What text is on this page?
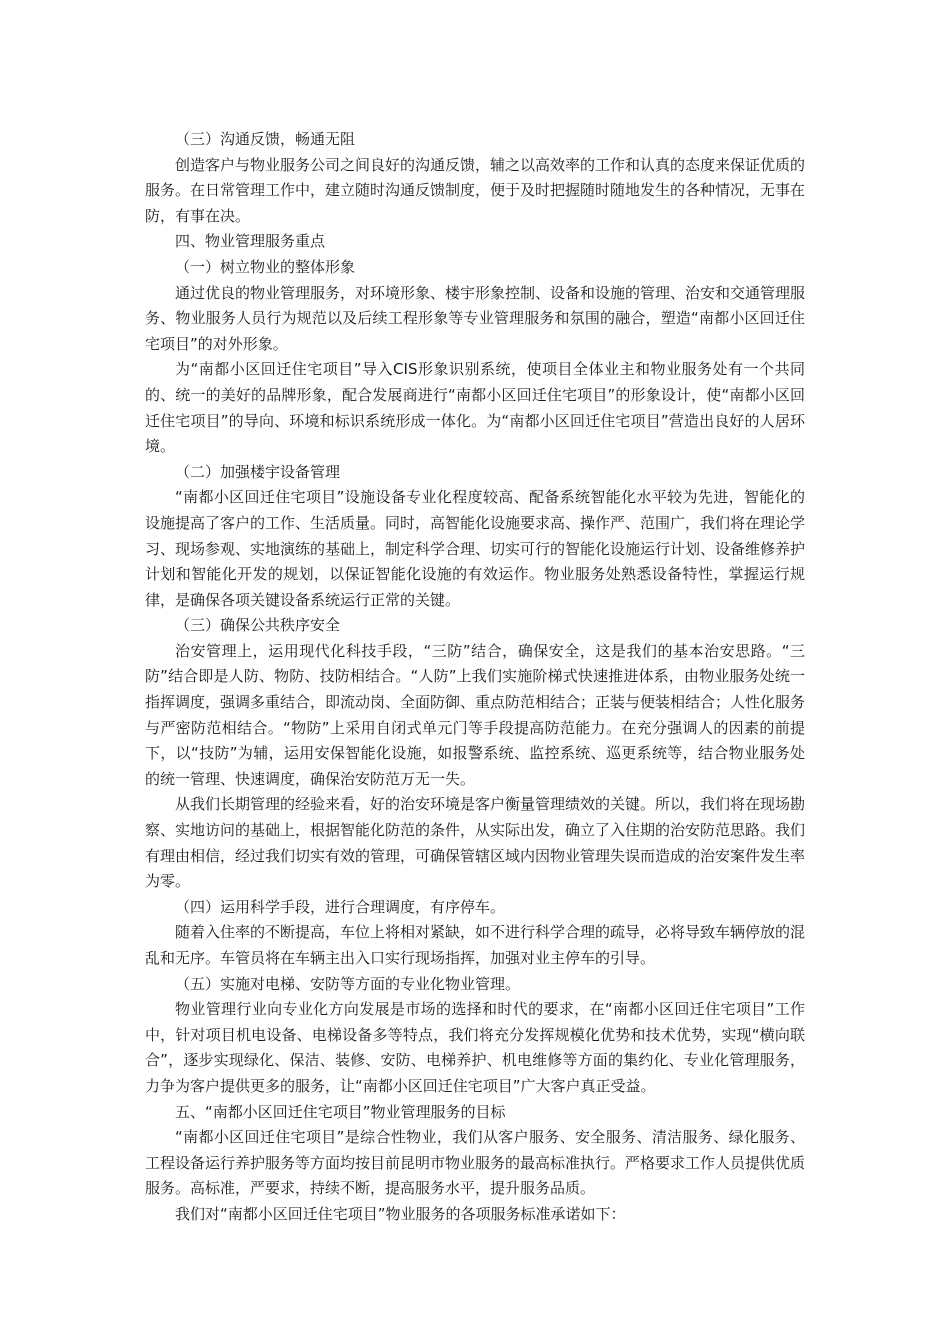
（三）沟通反馈，畅通无阻

创造客户与物业服务公司之间良好的沟通反馈，辅之以高效率的工作和认真的态度来保证优质的服务。在日常管理工作中，建立随时沟通反馈制度，便于及时把握随时随地发生的各种情况，无事在防，有事在决。

四、物业管理服务重点

（一）树立物业的整体形象

通过优良的物业管理服务，对环境形象、楼宇形象控制、设备和设施的管理、治安和交通管理服务、物业服务人员行为规范以及后续工程形象等专业管理服务和氛围的融合，塑造“南都小区回迁住宅项目”的对外形象。

为“南都小区回迁住宅项目”导入CIS形象识别系统，使项目全体业主和物业服务处有一个共同的、统一的美好的品牌形象，配合发展商进行“南都小区回迁住宅项目”的形象设计，使“南都小区回迁住宅项目”的导向、环境和标识系统形成一体化。为“南都小区回迁住宅项目”营造出良好的人居环境。

（二）加强楼宇设备管理

“南都小区回迁住宅项目”设施设备专业化程度较高、配备系统智能化水平较为先进，智能化的设施提高了客户的工作、生活质量。同时，高智能化设施要求高、操作严、范围广，我们将在理论学习、现场参观、实地演练的基础上，制定科学合理、切实可行的智能化设施运行计划、设备维修养护计划和智能化开发的规划，以保证智能化设施的有效运作。物业服务处熟悉设备特性，掌握运行规律，是确保各项关键设备系统运行正常的关键。

（三）确保公共秩序安全

治安管理上，运用现代化科技手段，“三防”结合，确保安全，这是我们的基本治安思路。“三防”结合即是人防、物防、技防相结合。“人防”上我们实施阶梯式快速推进体系，由物业服务处统一指挥调度，强调多重结合，即流动岗、全面防御、重点防范相结合；正装与便装相结合；人性化服务与严密防范相结合。“物防”上采用自闭式单元门等手段提高防范能力。在充分强调人的因素的前提下，以“技防”为辅，运用安保智能化设施，如报警系统、监控系统、巡更系统等，结合物业服务处的统一管理、快速调度，确保治安防范万无一失。

从我们长期管理的经验来看，好的治安环境是客户衡量管理绩效的关键。所以，我们将在现场勘察、实地访问的基础上，根据智能化防范的条件，从实际出发，确立了入住期的治安防范思路。我们有理由相信，经过我们切实有效的管理，可确保管辖区域内因物业管理失误而造成的治安案件发生率为零。

（四）运用科学手段，进行合理调度，有序停车。

随着入住率的不断提高，车位上将相对紧缺，如不进行科学合理的疏导，必将导致车辆停放的混乱和无序。车管员将在车辆主出入口实行现场指挥，加强对业主停车的引导。

（五）实施对电梯、安防等方面的专业化物业管理。

物业管理行业向专业化方向发展是市场的选择和时代的要求，在“南都小区回迁住宅项目”工作中，针对项目机电设备、电梯设备多等特点，我们将充分发挥规模化优势和技术优势，实现“横向联合”，逐步实现绿化、保洁、装修、安防、电梯养护、机电维修等方面的集约化、专业化管理服务，力争为客户提供更多的服务，让“南都小区回迁住宅项目”广大客户真正受益。

五、“南都小区回迁住宅项目”物业管理服务的目标

“南都小区回迁住宅项目”是综合性物业，我们从客户服务、安全服务、清洁服务、绿化服务、工程设备运行养护服务等方面均按目前昆明市物业服务的最高标准执行。严格要求工作人员提供优质服务。高标准，严要求，持续不断，提高服务水平，提升服务品质。

我们对“南都小区回迁住宅项目”物业服务的各项服务标准承诺如下：
